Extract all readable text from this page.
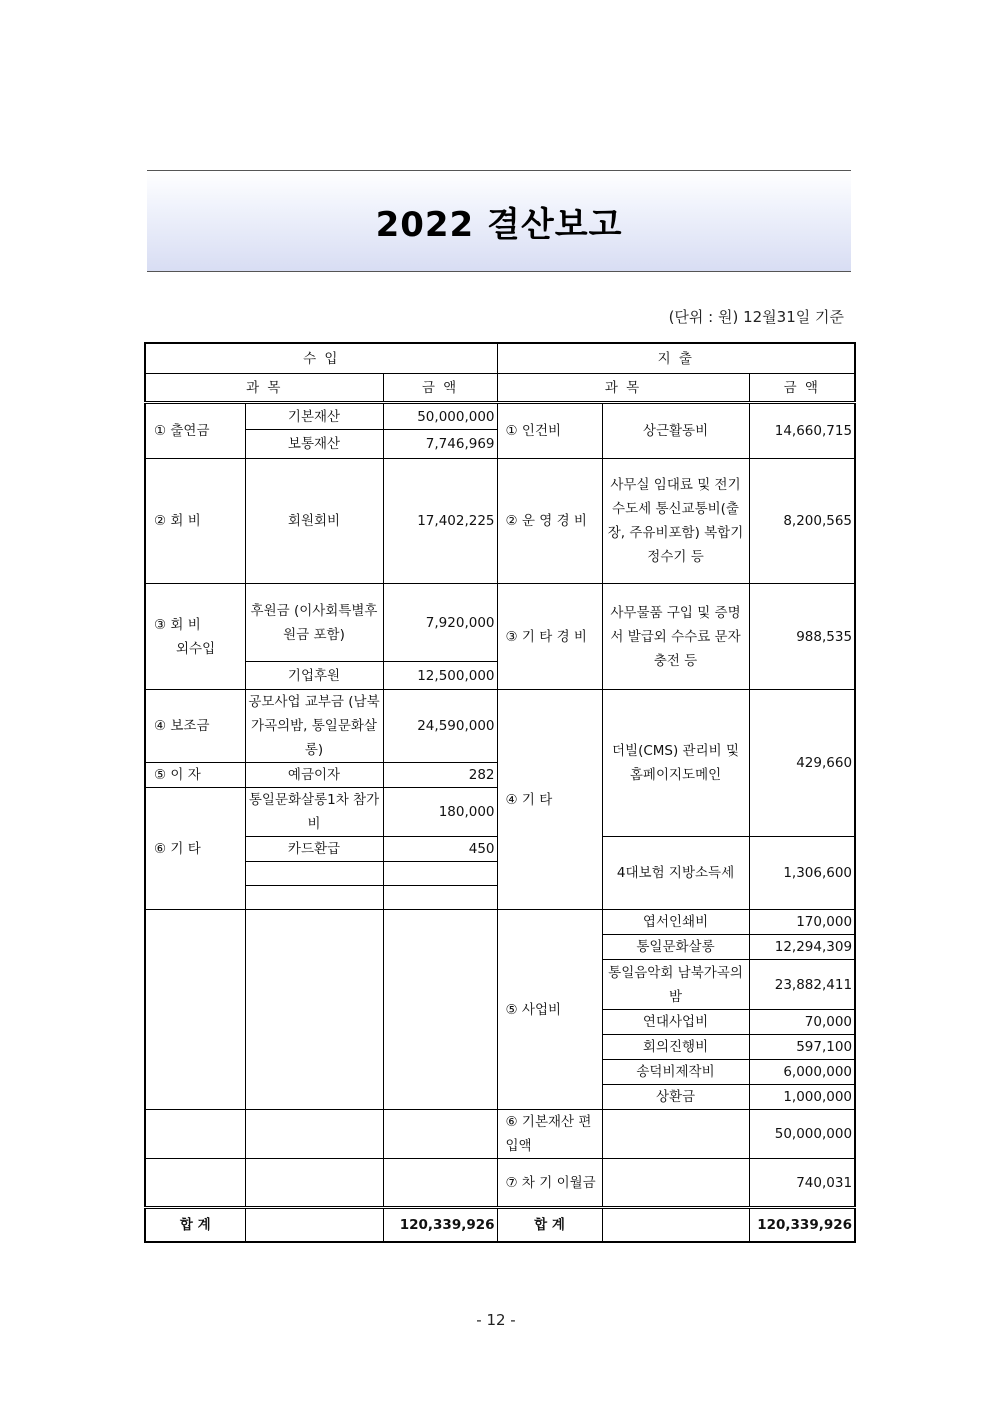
2022 결산보고
(단위 : 원) 12월31일 기준
수 입			지 출		
과 목		금 액	과 목		금 액
① 출연금	기본재산	50,000,000	① 인건비	상근활동비	14,660,715
	보통재산	7,746,969			
② 회 비	회원회비	17,402,225	② 운 영 경 비	사무실 임대료 및 전기수도세 통신교통비(출장, 주유비포함) 복합기 정수기 등	8,200,565

③ 회 비
외수입	후원금 (이사회특별후원금 포함)	7,920,000	③ 기 타 경 비	사무물품 구입 및 증명서 발급외 수수료 문자충전 등	988,535
	기업후원	12,500,000			
④ 보조금	공모사업 교부금 (남북가곡의밤, 통일문화살롱)	24,590,000	④ 기 타	더빌(CMS) 관리비 및 홈페이지도메인	429,660
⑤ 이 자	예금이자	282			
⑥ 기 타	통일문화살롱1차 참가비	180,000			
	카드환급	450		4대보험 지방소득세	1,306,600

			⑤ 사업비	엽서인쇄비	170,000
				통일문화살롱	12,294,309
				통일음악회 남북가곡의 밤	23,882,411
				연대사업비	70,000
				회의진행비	597,100
				송덕비제작비	6,000,000
				상환금	1,000,000
			⑥ 기본재산 편입액		50,000,000
			⑦ 차 기 이월금		740,031
합 계		120,339,926	합 계		120,339,926
- 12 -
